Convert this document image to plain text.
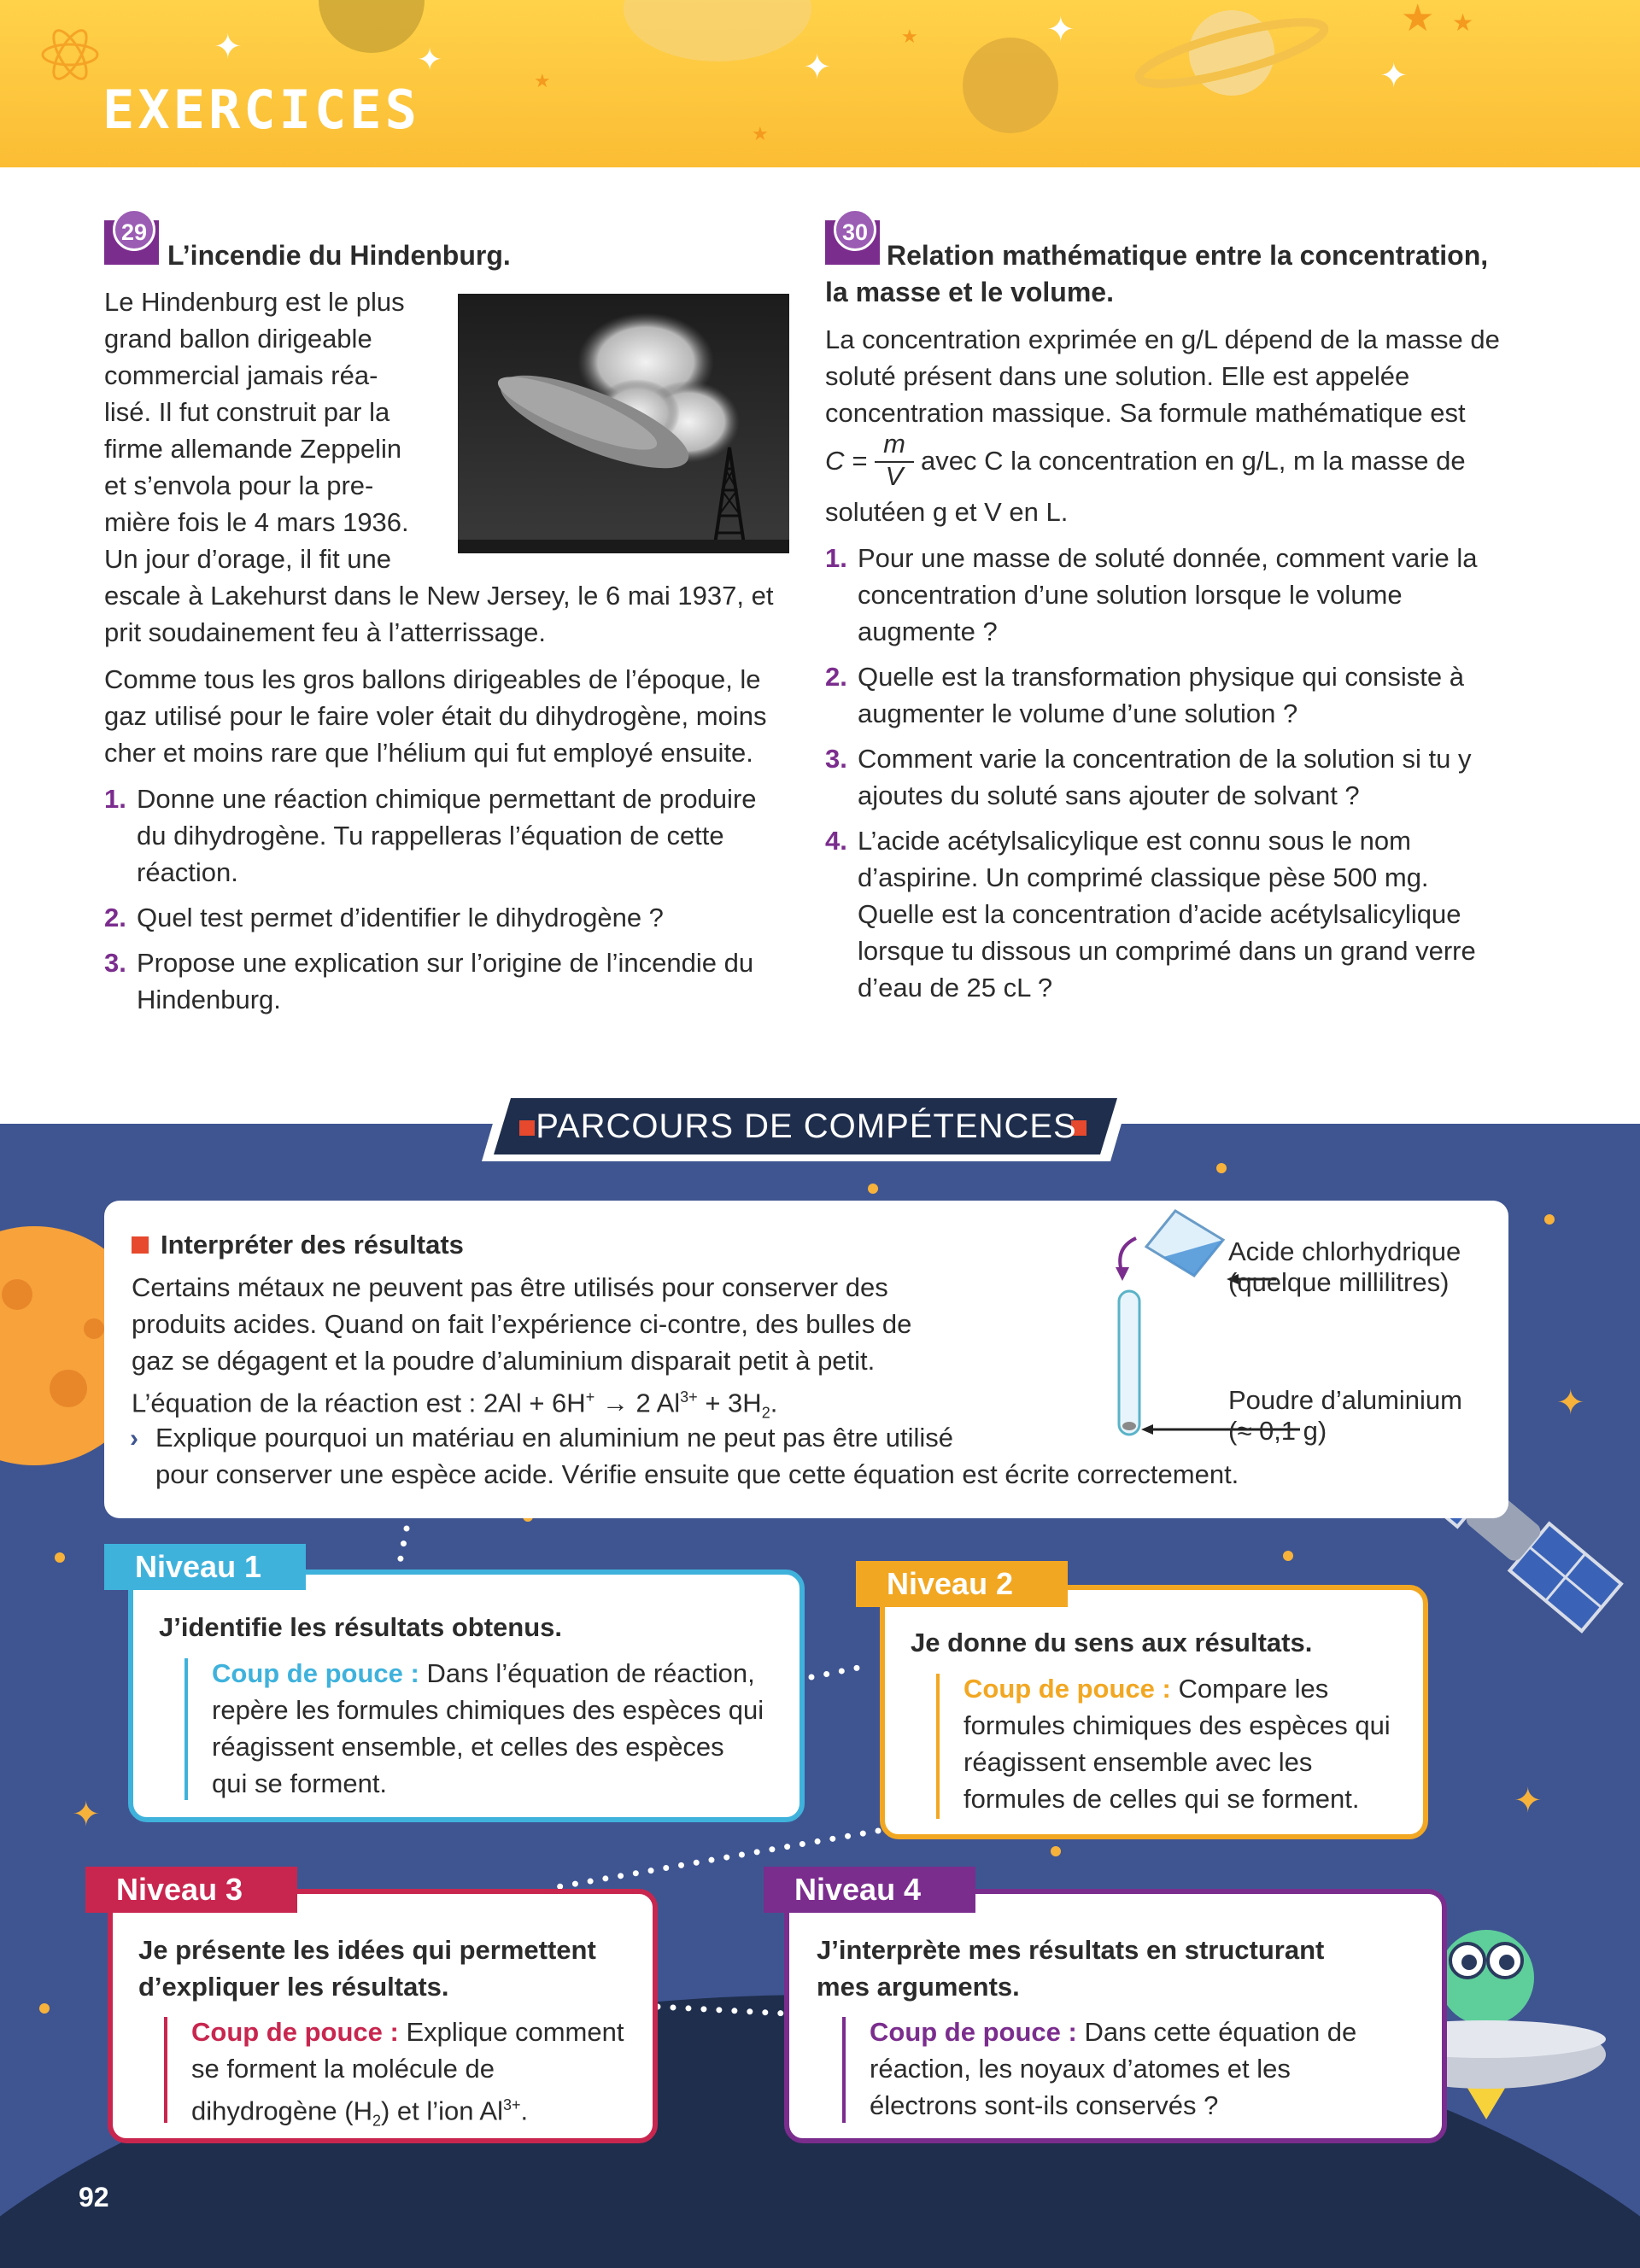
✦	✦	✦
✦
✦
★ ★
★
★
★
EXERCICES
29
L’incendie du Hindenburg.
Le Hindenburg est le plus
grand ballon dirigeable
commercial jamais réa-
lisé. Il fut construit par la
firme allemande Zeppelin
et s’envola pour la pre-
mière fois le 4 mars 1936.
Un jour d’orage, il fit une
escale à Lakehurst dans le New Jersey, le 6 mai 1937, et prit soudainement feu à l’atterrissage.
Comme tous les gros ballons dirigeables de l’époque, le gaz utilisé pour le faire voler était du dihydrogène, moins cher et moins rare que l’hélium qui fut employé ensuite.
1. Donne une réaction chimique permettant de produire du dihydrogène. Tu rappelleras l’équation de cette réaction.
2. Quel test permet d’identifier le dihydrogène ?
3. Propose une explication sur l’origine de l’incendie du Hindenburg.
30
Relation mathématique entre la concentration,
la masse et le volume.
La concentration exprimée en g/L dépend de la masse de soluté présent dans une solution. Elle est appelée concentration massique. Sa formule mathématique est
C =
m
V
avec C la concentration en g/L, m la masse de
solutéen g et V en L.
1. Pour une masse de soluté donnée, comment varie la concentration d’une solution lorsque le volume augmente ?
2. Quelle est la transformation physique qui consiste à augmenter le volume d’une solution ?
3. Comment varie la concentration de la solution si tu y ajoutes du soluté sans ajouter de solvant ?
4. L’acide acétylsalicylique est connu sous le nom d’aspirine. Un comprimé classique pèse 500 mg. Quelle est la concentration d’acide acétylsalicylique lorsque tu dissous un comprimé dans un grand verre d’eau de 25 cL ?
✦
✦
✦
PARCOURS DE COMPÉTENCES
Interpréter des résultats
Certains métaux ne peuvent pas être utilisés pour conserver des
produits acides. Quand on fait l’expérience ci-contre, des bulles de
gaz se dégagent et la poudre d’aluminium disparait petit à petit.
L’équation de la réaction est : 2Al + 6H+ → 2 $Al^{3+} + 3H_2$.
› Explique pourquoi un matériau en aluminium ne peut pas être utilisé
pour conserver une espèce acide. Vérifie ensuite que cette équation est écrite correctement.
Acide chlorhydrique
(quelque millilitres)
Poudre d’aluminium
(≈ 0,1 g)
J’identifie les résultats obtenus.
Coup de pouce : Dans l’équation de réaction, repère les formules chimiques des espèces qui réagissent ensemble, et celles des espèces qui se forment.
Niveau 1
Je donne du sens aux résultats.
Coup de pouce : Compare les formules chimiques des espèces qui réagissent ensemble avec les formules de celles qui se forment.
Niveau 2
Je présente les idées qui permettent
d’expliquer les résultats.
Coup de pouce : Explique comment se forment la molécule de dihydrogène $(H_2)$ et l’ion $Al^{3+}$.
Niveau 3
J’interprète mes résultats en structurant
mes arguments.
Coup de pouce : Dans cette équation de réaction, les noyaux d’atomes et les électrons sont-ils conservés ?
Niveau 4
92
